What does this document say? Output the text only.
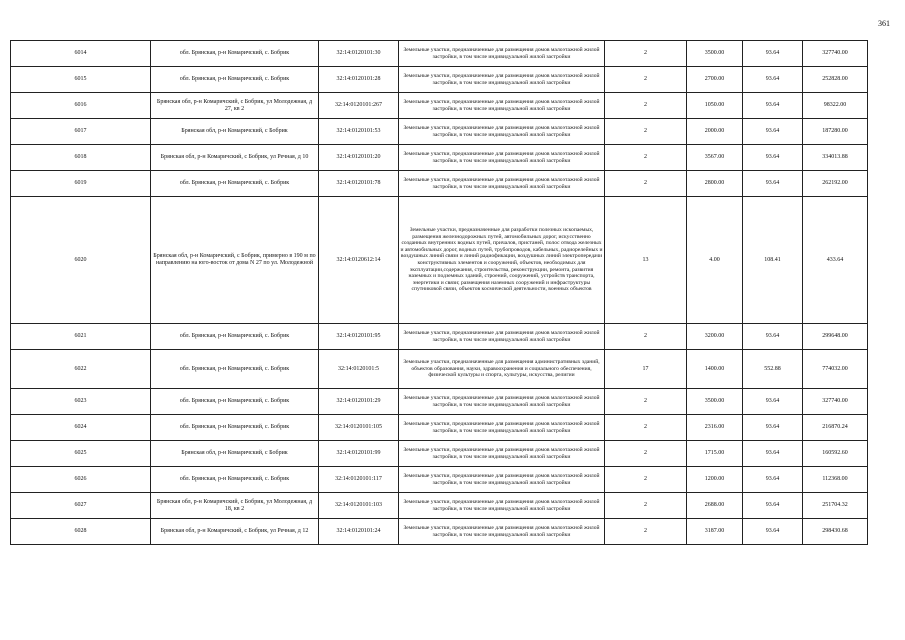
361
6014	обл. Брянская, р-н Комаричский, с. Бобрик	32:14:0120101:30	Земельные участки, предназначенные для размещения домов малоэтажной жилой застройки, в том числе индивидуальной жилой застройки	2	3500.00	93.64	327740.00
6015	обл. Брянская, р-н Комаричский, с. Бобрик	32:14:0120101:28	Земельные участки, предназначенные для размещения домов малоэтажной жилой застройки, в том числе индивидуальной жилой застройки	2	2700.00	93.64	252828.00
6016	Брянская обл, р-н Комаричский, с Бобрик, ул Молодежная, д 27, кв 2	32:14:0120101:267	Земельные участки, предназначенные для размещения домов малоэтажной жилой застройки, в том числе индивидуальной жилой застройки	2	1050.00	93.64	98322.00
6017	Брянская обл, р-н Комаричский, с Бобрик	32:14:0120101:53	Земельные участки, предназначенные для размещения домов малоэтажной жилой застройки, в том числе индивидуальной жилой застройки	2	2000.00	93.64	187280.00
6018	Брянская обл, р-н Комаричский, с Бобрик, ул Речная, д 10	32:14:0120101:20	Земельные участки, предназначенные для размещения домов малоэтажной жилой застройки, в том числе индивидуальной жилой застройки	2	3567.00	93.64	334013.88
6019	обл. Брянская, р-н Комаричский, с. Бобрик	32:14:0120101:78	Земельные участки, предназначенные для размещения домов малоэтажной жилой застройки, в том числе индивидуальной жилой застройки	2	2800.00	93.64	262192.00
6020	Брянская обл, р-н Комаричский, с Бобрик, примерно в 190 м по направлению на юго-восток от дома N 27 по ул. Молодежной	32:14:0120612:14	Земельные участки, предназначенные для разработки полезных ископаемых, размещения железнодорожных путей, автомобильных дорог, искусственно созданных внутренних водных путей, причалов, пристаней, полос отвода железных и автомобильных дорог, водных путей, трубопроводов, кабельных, радиорелейных и воздушных линий связи и линий радиофикации, воздушных линий электропередачи конструктивных элементов и сооружений, объектов, необходимых для эксплуатации,содержания, строительства, реконструкции, ремонта, развития наземных и подземных зданий, строений, сооружений, устройств транспорта, энергетики и связи; размещения наземных сооружений и инфраструктуры спутниковой связи, объектов космической деятельности, военных объектов	13	4.00	108.41	433.64
6021	обл. Брянская, р-н Комаричский, с. Бобрик	32:14:0120101:95	Земельные участки, предназначенные для размещения домов малоэтажной жилой застройки, в том числе индивидуальной жилой застройки	2	3200.00	93.64	299648.00
6022	обл. Брянская, р-н Комаричский, с. Бобрик	32:14:0120101:5	Земельные участки, предназначенные для размещения административных зданий, объектов образования, науки, здравоохранения и социального обеспечения, физической культуры и спорта, культуры, искусства, религии	17	1400.00	552.88	774032.00
6023	обл. Брянская, р-н Комаричский, с. Бобрик	32:14:0120101:29	Земельные участки, предназначенные для размещения домов малоэтажной жилой застройки, в том числе индивидуальной жилой застройки	2	3500.00	93.64	327740.00
6024	обл. Брянская, р-н Комаричский, с. Бобрик	32:14:0120101:105	Земельные участки, предназначенные для размещения домов малоэтажной жилой застройки, в том числе индивидуальной жилой застройки	2	2316.00	93.64	216870.24
6025	Брянская обл, р-н Комаричский, с Бобрик	32:14:0120101:99	Земельные участки, предназначенные для размещения домов малоэтажной жилой застройки, в том числе индивидуальной жилой застройки	2	1715.00	93.64	160592.60
6026	обл. Брянская, р-н Комаричский, с. Бобрик	32:14:0120101:117	Земельные участки, предназначенные для размещения домов малоэтажной жилой застройки, в том числе индивидуальной жилой застройки	2	1200.00	93.64	112368.00
6027	Брянская обл, р-н Комаричский, с Бобрик, ул Молодежная, д 18, кв 2	32:14:0120101:103	Земельные участки, предназначенные для размещения домов малоэтажной жилой застройки, в том числе индивидуальной жилой застройки	2	2688.00	93.64	251704.32
6028	Брянская обл, р-н Комаричский, с Бобрик, ул Речная, д 12	32:14:0120101:24	Земельные участки, предназначенные для размещения домов малоэтажной жилой застройки, в том числе индивидуальной жилой застройки	2	3187.00	93.64	298430.68
